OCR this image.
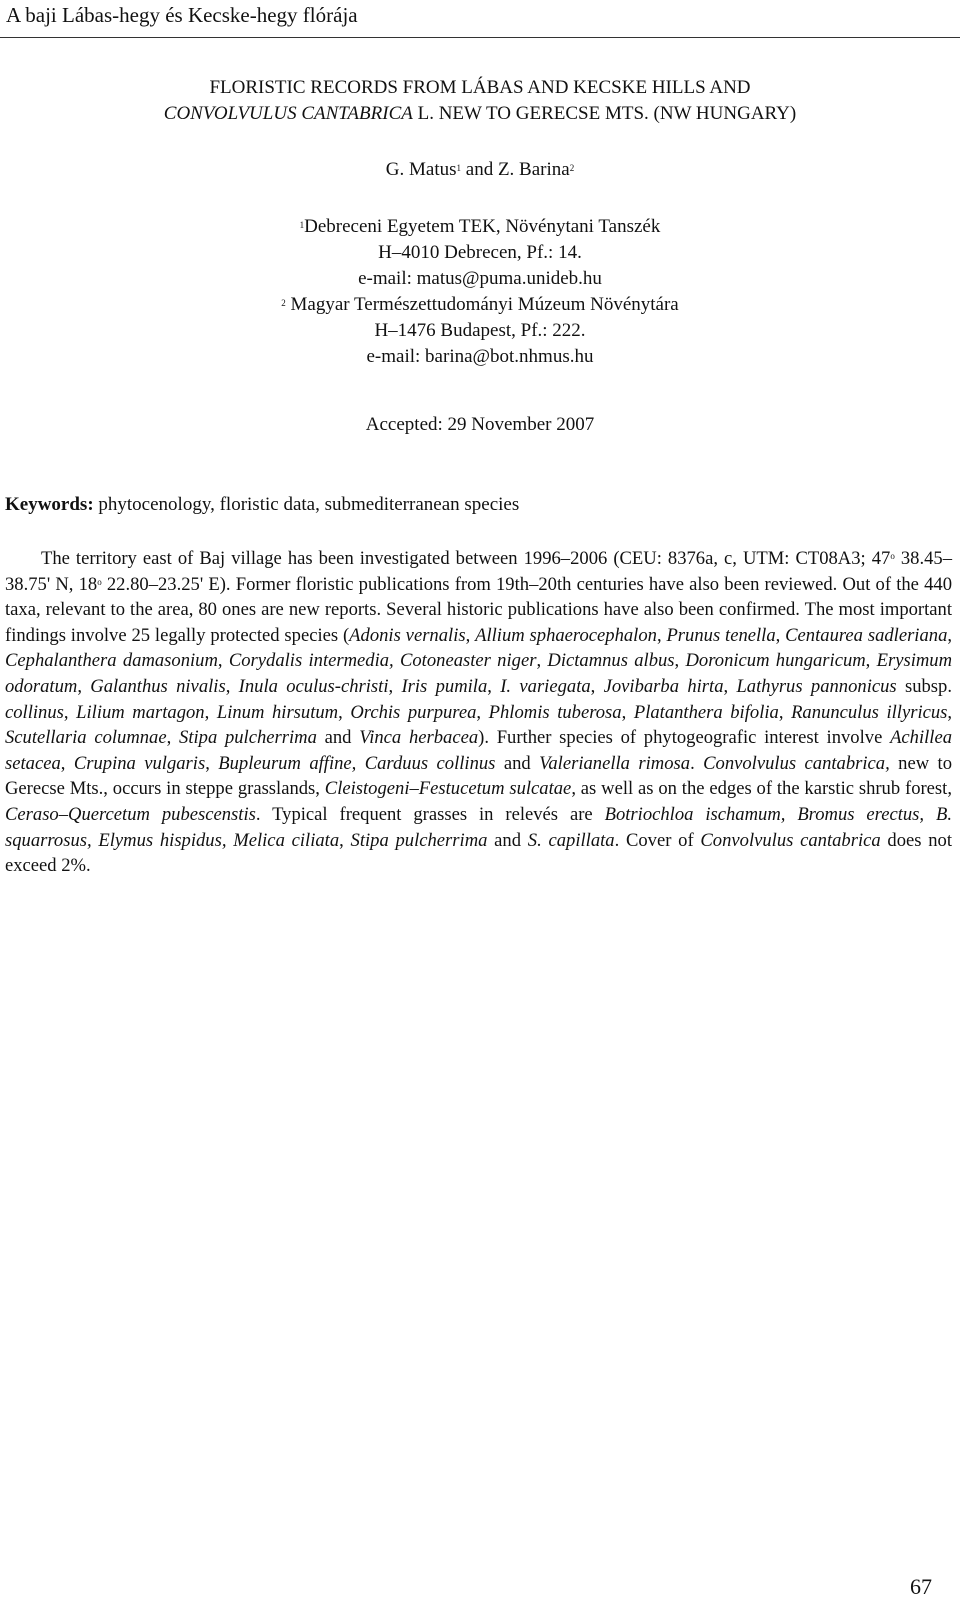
A baji Lábas-hegy és Kecske-hegy flórája
FLORISTIC RECORDS FROM LÁBAS AND KECSKE HILLS AND
CONVOLVULUS CANTABRICA L. NEW TO GERECSE MTS. (NW HUNGARY)
G. Matus$^1$ and Z. Barina$^2$
$^1$Debreceni Egyetem TEK, Növénytani Tanszék
H–4010 Debrecen, Pf.: 14.
e-mail: matus@puma.unideb.hu
$^2$ Magyar Természettudományi Múzeum Növénytára
H–1476 Budapest, Pf.: 222.
e-mail: barina@bot.nhmus.hu
Accepted: 29 November 2007
Keywords: phytocenology, floristic data, submediterranean species
The territory east of Baj village has been investigated between 1996–2006 (CEU: 8376a, c, UTM: CT08A3; 47$^o$ 38.45–38.75' N, 18$^o$ 22.80–23.25' E). Former floristic publications from 19th–20th centuries have also been reviewed. Out of the 440 taxa, relevant to the area, 80 ones are new reports. Several historic publications have also been confirmed. The most important findings involve 25 legally protected species (Adonis vernalis, Allium sphaerocephalon, Prunus tenella, Centaurea sadleriana, Cephalanthera damasonium, Corydalis intermedia, Cotoneaster niger, Dictamnus albus, Doronicum hungaricum, Erysimum odoratum, Galanthus nivalis, Inula oculus-christi, Iris pumila, I. variegata, Jovibarba hirta, Lathyrus pannonicus subsp. collinus, Lilium martagon, Linum hirsutum, Orchis purpurea, Phlomis tuberosa, Platanthera bifolia, Ranunculus illyricus, Scutellaria columnae, Stipa pulcherrima and Vinca herbacea). Further species of phytogeografic interest involve Achillea setacea, Crupina vulgaris, Bupleurum affine, Carduus collinus and Valerianella rimosa. Convolvulus cantabrica, new to Gerecse Mts., occurs in steppe grasslands, Cleistogeni–Festucetum sulcatae, as well as on the edges of the karstic shrub forest, Ceraso–Quercetum pubescenstis. Typical frequent grasses in relevés are Botriochloa ischamum, Bromus erectus, B. squarrosus, Elymus hispidus, Melica ciliata, Stipa pulcherrima and S. capillata. Cover of Convolvulus cantabrica does not exceed 2%.
67
